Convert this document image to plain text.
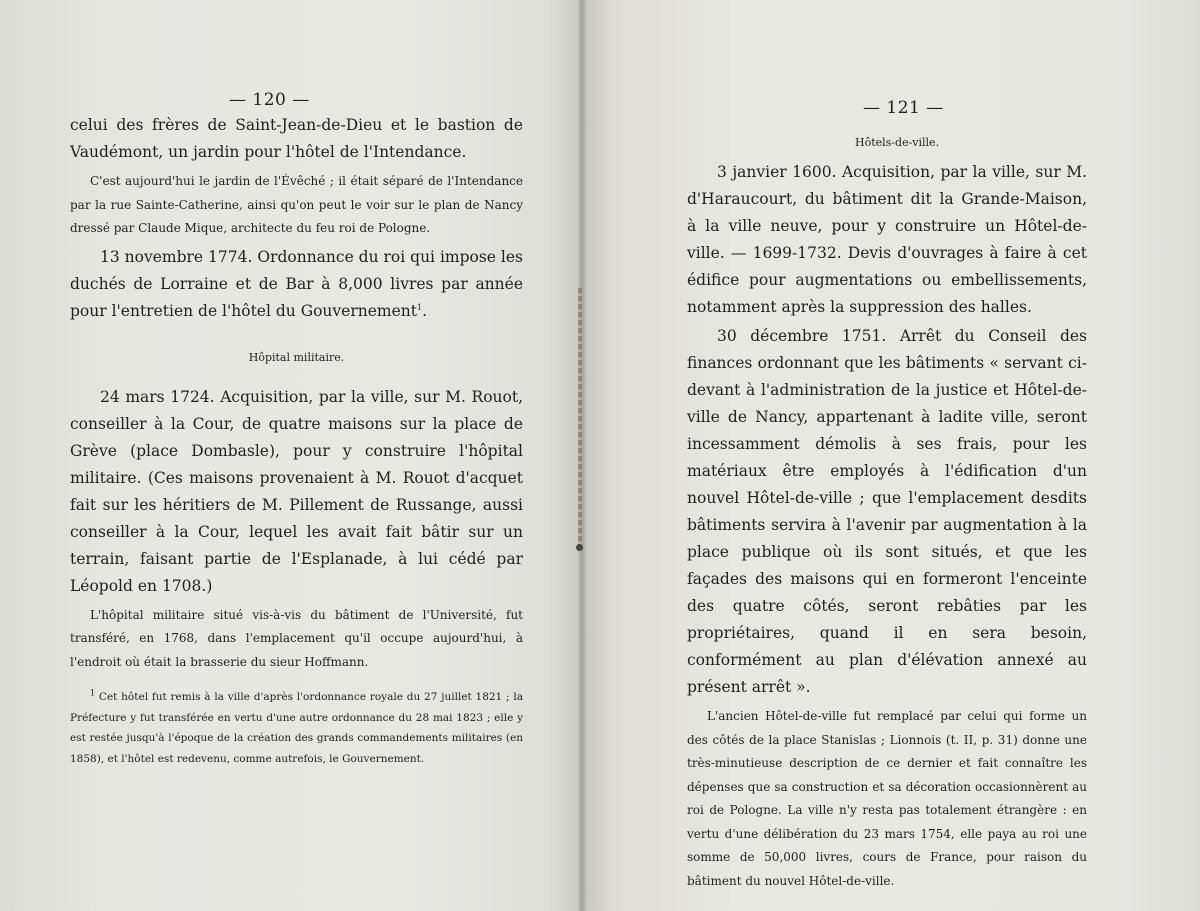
— 120 —

celui des frères de Saint-Jean-de-Dieu et le bastion de Vaudémont, un jardin pour l'hôtel de l'Intendance.

C'est aujourd'hui le jardin de l'Évêché ; il était séparé de l'Intendance par la rue Sainte-Catherine, ainsi qu'on peut le voir sur le plan de Nancy dressé par Claude Mique, architecte du feu roi de Pologne.

13 novembre 1774. Ordonnance du roi qui impose les duchés de Lorraine et de Bar à 8,000 livres par année pour l'entretien de l'hôtel du Gouvernement$^1$.

Hôpital militaire.

24 mars 1724. Acquisition, par la ville, sur M. Rouot, conseiller à la Cour, de quatre maisons sur la place de Grève (place Dombasle), pour y construire l'hôpital militaire. (Ces maisons provenaient à M. Rouot d'acquet fait sur les héritiers de M. Pillement de Russange, aussi conseiller à la Cour, lequel les avait fait bâtir sur un terrain, faisant partie de l'Esplanade, à lui cédé par Léopold en 1708.)

L'hôpital militaire situé vis-à-vis du bâtiment de l'Université, fut transféré, en 1768, dans l'emplacement qu'il occupe aujourd'hui, à l'endroit où était la brasserie du sieur Hoffmann.

$^1$ Cet hôtel fut remis à la ville d'après l'ordonnance royale du 27 juillet 1821 ; la Préfecture y fut transférée en vertu d'une autre ordonnance du 28 mai 1823 ; elle y est restée jusqu'à l'époque de la création des grands commandements militaires (en 1858), et l'hôtel est redevenu, comme autrefois, le Gouvernement.

— 121 —
Hôtels-de-ville.

3 janvier 1600. Acquisition, par la ville, sur M. d'Haraucourt, du bâtiment dit la Grande-Maison, à la ville neuve, pour y construire un Hôtel-de-ville. — 1699-1732. Devis d'ouvrages à faire à cet édifice pour augmentations ou embellissements, notamment après la suppression des halles.

30 décembre 1751. Arrêt du Conseil des finances ordonnant que les bâtiments « servant ci-devant à l'administration de la justice et Hôtel-de-ville de Nancy, appartenant à ladite ville, seront incessamment démolis à ses frais, pour les matériaux être employés à l'édification d'un nouvel Hôtel-de-ville ; que l'emplacement desdits bâtiments servira à l'avenir par augmentation à la place publique où ils sont situés, et que les façades des maisons qui en formeront l'enceinte des quatre côtés, seront rebâties par les propriétaires, quand il en sera besoin, conformément au plan d'élévation annexé au présent arrêt ».

L'ancien Hôtel-de-ville fut remplacé par celui qui forme un des côtés de la place Stanislas ; Lionnois (t. II, p. 31) donne une très-minutieuse description de ce dernier et fait connaître les dépenses que sa construction et sa décoration occasionnèrent au roi de Pologne. La ville n'y resta pas totalement étrangère : en vertu d'une délibération du 23 mars 1754, elle paya au roi une somme de 50,000 livres, cours de France, pour raison du bâtiment du nouvel Hôtel-de-ville.
